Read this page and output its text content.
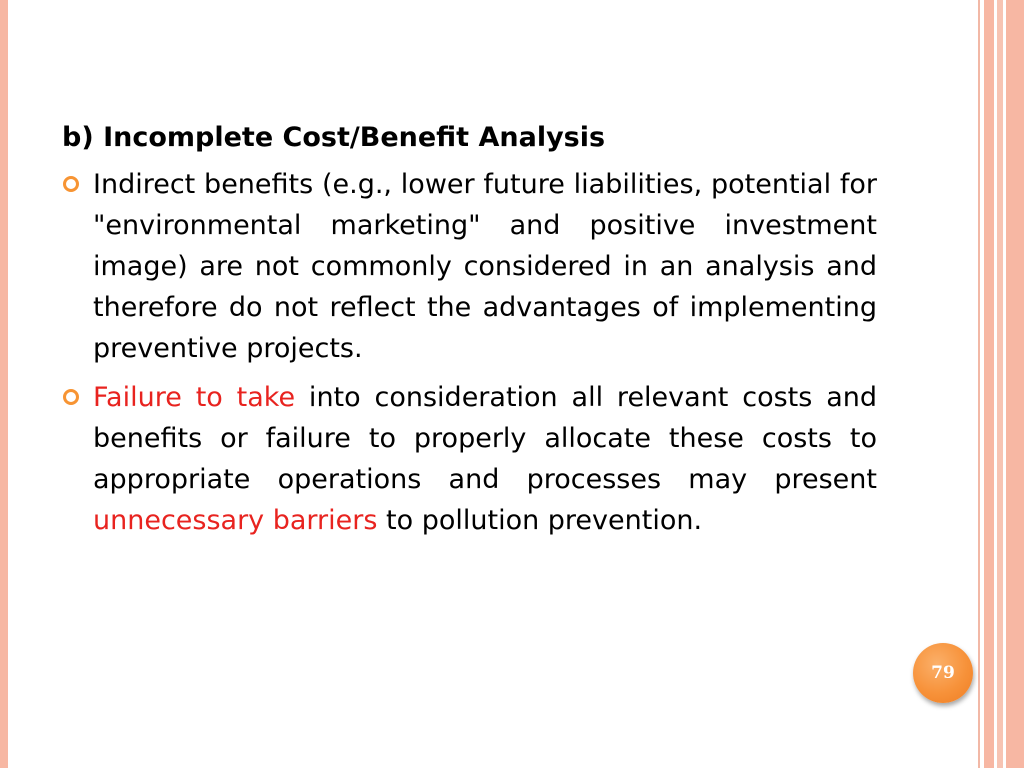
b) Incomplete Cost/Benefit Analysis

Indirect benefits (e.g., lower future liabilities, potential for "environmental marketing" and positive investment image) are not commonly considered in an analysis and therefore do not reflect the advantages of implementing preventive projects.

Failure to take into consideration all relevant costs and benefits or failure to properly allocate these costs to appropriate operations and processes may present unnecessary barriers to pollution prevention.

79
